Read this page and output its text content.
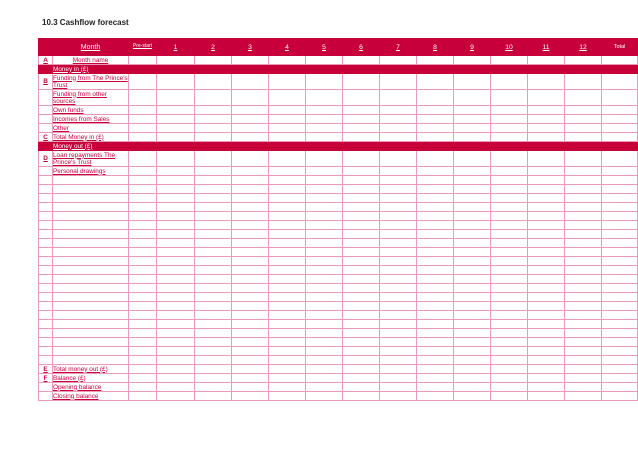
10.3 Cashflow forecast
	Month	Pre-start	1	2	3	4	5	6	7	8	9	10	11	12	Total
A	Month name														
	Money in (£)														
B	Funding from The Prince's Trust														
	Funding from other sources														
	Own funds														
	Incomes from Sales														
	Other														
C	Total Money in (£)														
	Money out (£)														
D	Loan repayments The Prince's Trust														
	Personal drawings														

E	Total money out (£)														
F	Balance (£)														
	Opening balance														
	Closing balance														
